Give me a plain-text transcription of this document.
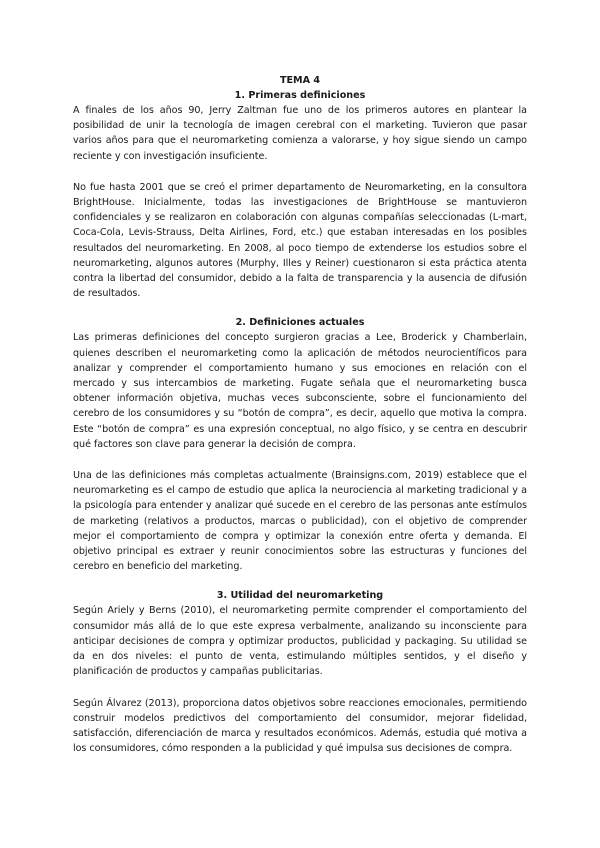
TEMA 4
1. Primeras definiciones

A finales de los años 90, Jerry Zaltman fue uno de los primeros autores en plantear la posibilidad de unir la tecnología de imagen cerebral con el marketing. Tuvieron que pasar varios años para que el neuromarketing comienza a valorarse, y hoy sigue siendo un campo reciente y con investigación insuficiente.

No fue hasta 2001 que se creó el primer departamento de Neuromarketing, en la consultora BrightHouse. Inicialmente, todas las investigaciones de BrightHouse se mantuvieron confidenciales y se realizaron en colaboración con algunas compañías seleccionadas (L-mart, Coca-Cola, Levis-Strauss, Delta Airlines, Ford, etc.) que estaban interesadas en los posibles resultados del neuromarketing. En 2008, al poco tiempo de extenderse los estudios sobre el neuromarketing, algunos autores (Murphy, Illes y Reiner) cuestionaron si esta práctica atenta contra la libertad del consumidor, debido a la falta de transparencia y la ausencia de difusión de resultados.

2. Definiciones actuales

Las primeras definiciones del concepto surgieron gracias a Lee, Broderick y Chamberlain, quienes describen el neuromarketing como la aplicación de métodos neurocientíficos para analizar y comprender el comportamiento humano y sus emociones en relación con el mercado y sus intercambios de marketing. Fugate señala que el neuromarketing busca obtener información objetiva, muchas veces subconsciente, sobre el funcionamiento del cerebro de los consumidores y su “botón de compra”, es decir, aquello que motiva la compra. Este “botón de compra” es una expresión conceptual, no algo físico, y se centra en descubrir qué factores son clave para generar la decisión de compra.

Una de las definiciones más completas actualmente (Brainsigns.com, 2019) establece que el neuromarketing es el campo de estudio que aplica la neurociencia al marketing tradicional y a la psicología para entender y analizar qué sucede en el cerebro de las personas ante estímulos de marketing (relativos a productos, marcas o publicidad), con el objetivo de comprender mejor el comportamiento de compra y optimizar la conexión entre oferta y demanda. El objetivo principal es extraer y reunir conocimientos sobre las estructuras y funciones del cerebro en beneficio del marketing.

3. Utilidad del neuromarketing

Según Ariely y Berns (2010), el neuromarketing permite comprender el comportamiento del consumidor más allá de lo que este expresa verbalmente, analizando su inconsciente para anticipar decisiones de compra y optimizar productos, publicidad y packaging. Su utilidad se da en dos niveles: el punto de venta, estimulando múltiples sentidos, y el diseño y planificación de productos y campañas publicitarias.

Según Álvarez (2013), proporciona datos objetivos sobre reacciones emocionales, permitiendo construir modelos predictivos del comportamiento del consumidor, mejorar fidelidad, satisfacción, diferenciación de marca y resultados económicos. Además, estudia qué motiva a los consumidores, cómo responden a la publicidad y qué impulsa sus decisiones de compra.
